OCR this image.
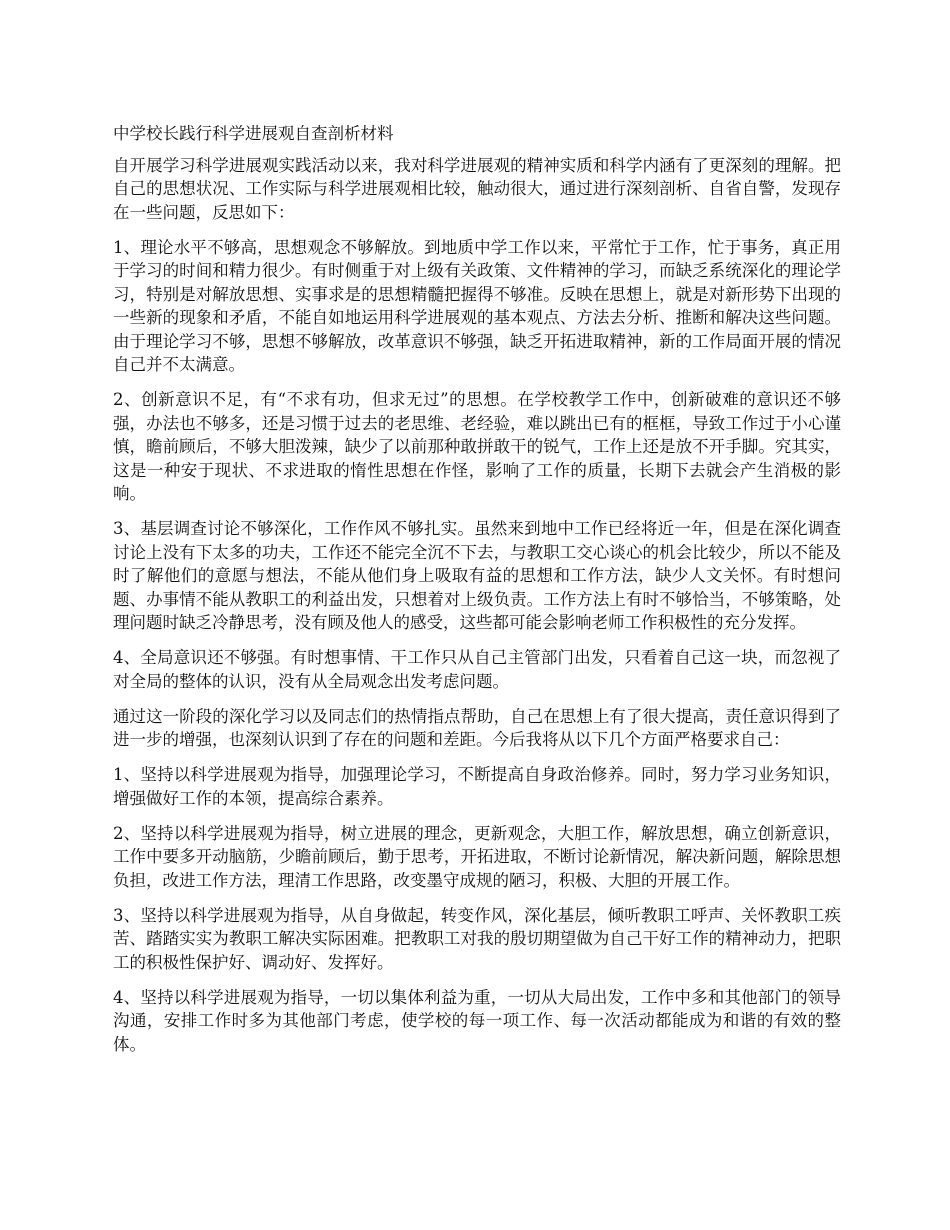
中学校长践行科学进展观自查剖析材料

自开展学习科学进展观实践活动以来，我对科学进展观的精神实质和科学内涵有了更深刻的理解。把自己的思想状况、工作实际与科学进展观相比较，触动很大，通过进行深刻剖析、自省自警，发现存在一些问题，反思如下：

1、理论水平不够高，思想观念不够解放。到地质中学工作以来，平常忙于工作，忙于事务，真正用于学习的时间和精力很少。有时侧重于对上级有关政策、文件精神的学习，而缺乏系统深化的理论学习，特别是对解放思想、实事求是的思想精髓把握得不够准。反映在思想上，就是对新形势下出现的一些新的现象和矛盾，不能自如地运用科学进展观的基本观点、方法去分析、推断和解决这些问题。由于理论学习不够，思想不够解放，改革意识不够强，缺乏开拓进取精神，新的工作局面开展的情况自己并不太满意。

2、创新意识不足，有“不求有功，但求无过”的思想。在学校教学工作中，创新破难的意识还不够强，办法也不够多，还是习惯于过去的老思维、老经验，难以跳出已有的框框，导致工作过于小心谨慎，瞻前顾后，不够大胆泼辣，缺少了以前那种敢拼敢干的锐气，工作上还是放不开手脚。究其实，这是一种安于现状、不求进取的惰性思想在作怪，影响了工作的质量，长期下去就会产生消极的影响。

3、基层调查讨论不够深化，工作作风不够扎实。虽然来到地中工作已经将近一年，但是在深化调查讨论上没有下太多的功夫，工作还不能完全沉不下去，与教职工交心谈心的机会比较少，所以不能及时了解他们的意愿与想法，不能从他们身上吸取有益的思想和工作方法，缺少人文关怀。有时想问题、办事情不能从教职工的利益出发，只想着对上级负责。工作方法上有时不够恰当，不够策略，处理问题时缺乏冷静思考，没有顾及他人的感受，这些都可能会影响老师工作积极性的充分发挥。

4、全局意识还不够强。有时想事情、干工作只从自己主管部门出发，只看着自己这一块，而忽视了对全局的整体的认识，没有从全局观念出发考虑问题。

通过这一阶段的深化学习以及同志们的热情指点帮助，自己在思想上有了很大提高，责任意识得到了进一步的增强，也深刻认识到了存在的问题和差距。今后我将从以下几个方面严格要求自己：

1、坚持以科学进展观为指导，加强理论学习，不断提高自身政治修养。同时，努力学习业务知识，增强做好工作的本领，提高综合素养。

2、坚持以科学进展观为指导，树立进展的理念，更新观念，大胆工作，解放思想，确立创新意识，工作中要多开动脑筋，少瞻前顾后，勤于思考，开拓进取，不断讨论新情况，解决新问题，解除思想负担，改进工作方法，理清工作思路，改变墨守成规的陋习，积极、大胆的开展工作。

3、坚持以科学进展观为指导，从自身做起，转变作风，深化基层，倾听教职工呼声、关怀教职工疾苦、踏踏实实为教职工解决实际困难。把教职工对我的殷切期望做为自己干好工作的精神动力，把职工的积极性保护好、调动好、发挥好。

4、坚持以科学进展观为指导，一切以集体利益为重，一切从大局出发，工作中多和其他部门的领导沟通，安排工作时多为其他部门考虑，使学校的每一项工作、每一次活动都能成为和谐的有效的整体。
